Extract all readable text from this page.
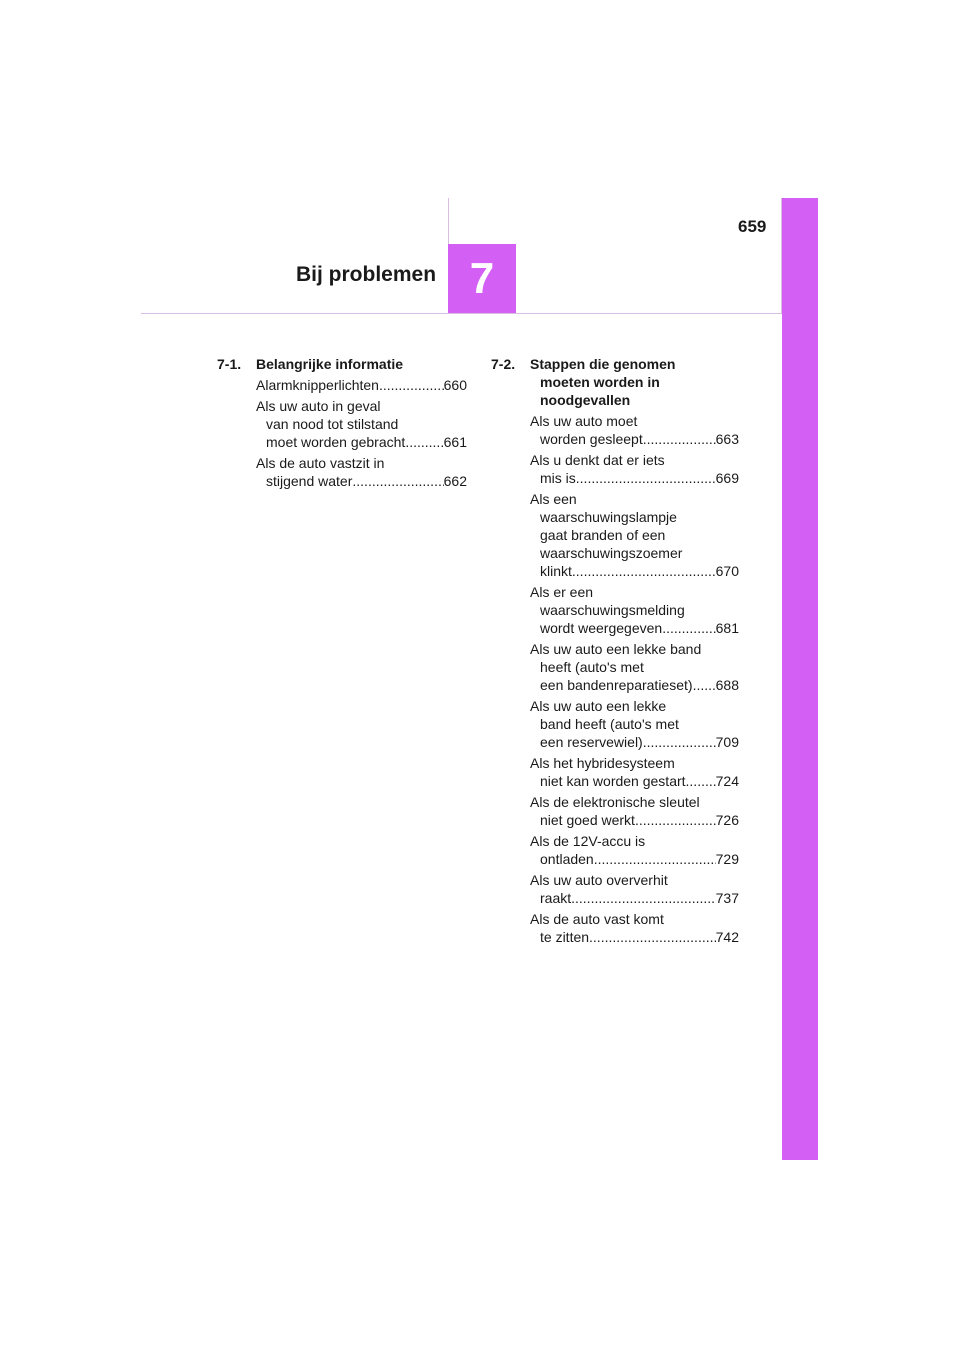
659
Bij problemen 7
7-1. Belangrijke informatie
Alarmknipperlichten .....	660
Als uw auto in geval
van nood tot stilstand
moet worden gebracht .....	661
Als de auto vastzit in
stijgend water .....	662
7-2. Stappen die genomen
moeten worden in
noodgevallen
Als uw auto moet
worden gesleept .....	663
Als u denkt dat er iets
mis is .....	669
Als een
waarschuwingslampje
gaat branden of een
waarschuwingszoemer
klinkt .....	670
Als er een
waarschuwingsmelding
wordt weergegeven .....	681
Als uw auto een lekke band
heeft (auto's met
een bandenreparatieset) ..... 688
Als uw auto een lekke
band heeft (auto's met
een reservewiel) .....	709
Als het hybridesysteem
niet kan worden gestart ..... 724
Als de elektronische sleutel
niet goed werkt .....	726
Als de 12V-accu is
ontladen .....	729
Als uw auto oververhit
raakt .....	737
Als de auto vast komt
te zitten .....	742
